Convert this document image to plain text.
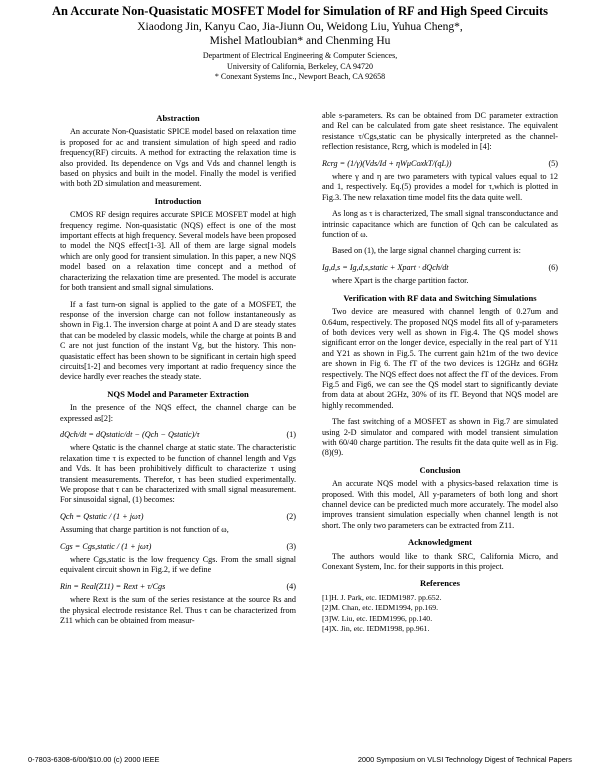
An Accurate Non-Quasistatic MOSFET Model for Simulation of RF and High Speed Circuits
Xiaodong Jin, Kanyu Cao, Jia-Jiunn Ou, Weidong Liu, Yuhua Cheng*,
Mishel Matloubian* and Chenming Hu
Department of Electrical Engineering & Computer Sciences,
University of California, Berkeley, CA 94720
* Conexant Systems Inc., Newport Beach, CA 92658
Abstraction

An accurate Non-Quasistatic SPICE model based on relaxation time is proposed for ac and transient simulation of high speed and radio frequency(RF) circuits. A method for extracting the relaxation time is also provided. Its dependence on Vgs and Vds and channel length is based on physics and built in the model. Finally the model is verified with both 2D simulation and measurement.

Introduction

CMOS RF design requires accurate SPICE MOSFET model at high frequency regime. Non-quasistatic (NQS) effect is one of the most important effects at high frequency. Several models have been proposed to model the NQS effect[1-3]. All of them are large signal models which are only good for transient simulation. In this paper, a new NQS model based on a relaxation time concept and a method of characterizing the relaxation time are presented. The model is accurate for both transient and small signal simulations.

If a fast turn-on signal is applied to the gate of a MOSFET, the response of the inversion charge can not follow instantaneously as shown in Fig.1. The inversion charge at point A and D are steady states that can be modeled by classic models, while the charge at points B and C are not just function of the instant Vg, but the history. This non-quasistatic effect has been shown to be significant in certain high speed circuits[1-2] and becomes very important at radio frequency since the device hardly ever reaches the steady state.

NQS Model and Parameter Extraction

In the presence of the NQS effect, the channel charge can be expressed as[2]:

dQch/dt = dQstatic/dt − (Qch − Qstatic)/τ	(1)

where Qstatic is the channel charge at static state. The characteristic relaxation time τ is expected to be function of channel length and Vgs and Vds. It has been prohibitively difficult to characterize τ using transient measurements. Therefor, τ has been studied experimentally. We propose that τ can be characterized with small signal measurement. For sinusoidal signal, (1) becomes:

Qch = Qstatic / (1 + jωτ)	(2)

Assuming that charge partition is not function of ω,

Cgs = Cgs,static / (1 + jωτ)	(3)

where Cgs,static is the low frequency Cgs. From the small signal equivalent circuit shown in Fig.2, if we define

Rin = Real(Z11) = Rext + τ/Cgs	(4)

where Rext is the sum of the series resistance at the source Rs and the physical electrode resistance Rel. Thus τ can be characterized from Z11 which can be obtained from measur-

able s-parameters. Rs can be obtained from DC parameter extraction and Rel can be calculated from gate sheet resistance. The equivalent resistance τ/Cgs,static can be physically interpreted as the channel-reflection resistance, Rcrg, which is modeled in [4]:

Rcrg = (1/γ)(Vds/Id + ηWμCoxkT/(qL))	(5)

where γ and η are two parameters with typical values equal to 12 and 1, respectively. Eq.(5) provides a model for τ,which is plotted in Fig.3. The new relaxation time model fits the data quite well.

As long as τ is characterized, The small signal transconductance and intrinsic capacitance which are function of Qch can be calculated as function of ω.

Based on (1), the large signal channel charging current is:

Ig,d,s = Ig,d,s,static + Xpart · dQch/dt	(6)

where Xpart is the charge partition factor.

Verification with RF data and Switching Simulations

Two device are measured with channel length of 0.27um and 0.64um, respectively. The proposed NQS model fits all of y-parameters of both devices very well as shown in Fig.4. The QS model shows significant error on the longer device, especially in the real part of Y11 and Y21 as shown in Fig.5. The current gain h21m of the two device are shown in Fig 6. The fT of the two devices is 12GHz and 6GHz respectively. The NQS effect does not affect the fT of the devices. From Fig.5 and Fig6, we can see the QS model start to significantly deviate from data at about 2GHz, 30% of its fT. Beyond that NQS model are highly recommended.

The fast switching of a MOSFET as shown in Fig.7 are simulated using 2-D simulator and compared with model transient simulation with 60/40 charge partition. The results fit the data quite well as in Fig.(8)(9).

Conclusion

An accurate NQS model with a physics-based relaxation time is proposed. With this model, All y-parameters of both long and short channel device can be predicted much more accurately. The model also improves transient simulation especially when channel length is not short. The only two parameters can be extracted from Z11.

Acknowledgment

The authors would like to thank SRC, California Micro, and Conexant System, Inc. for their supports in this project.

References
[1]H. J. Park, etc. IEDM1987. pp.652.
[2]M. Chan, etc. IEDM1994, pp.169.
[3]W. Liu, etc. IEDM1996, pp.140.
[4]X. Jin, etc. IEDM1998, pp.961.
0-7803-6308-6/00/$10.00 (c) 2000 IEEE	2000 Symposium on VLSI Technology Digest of Technical Papers
